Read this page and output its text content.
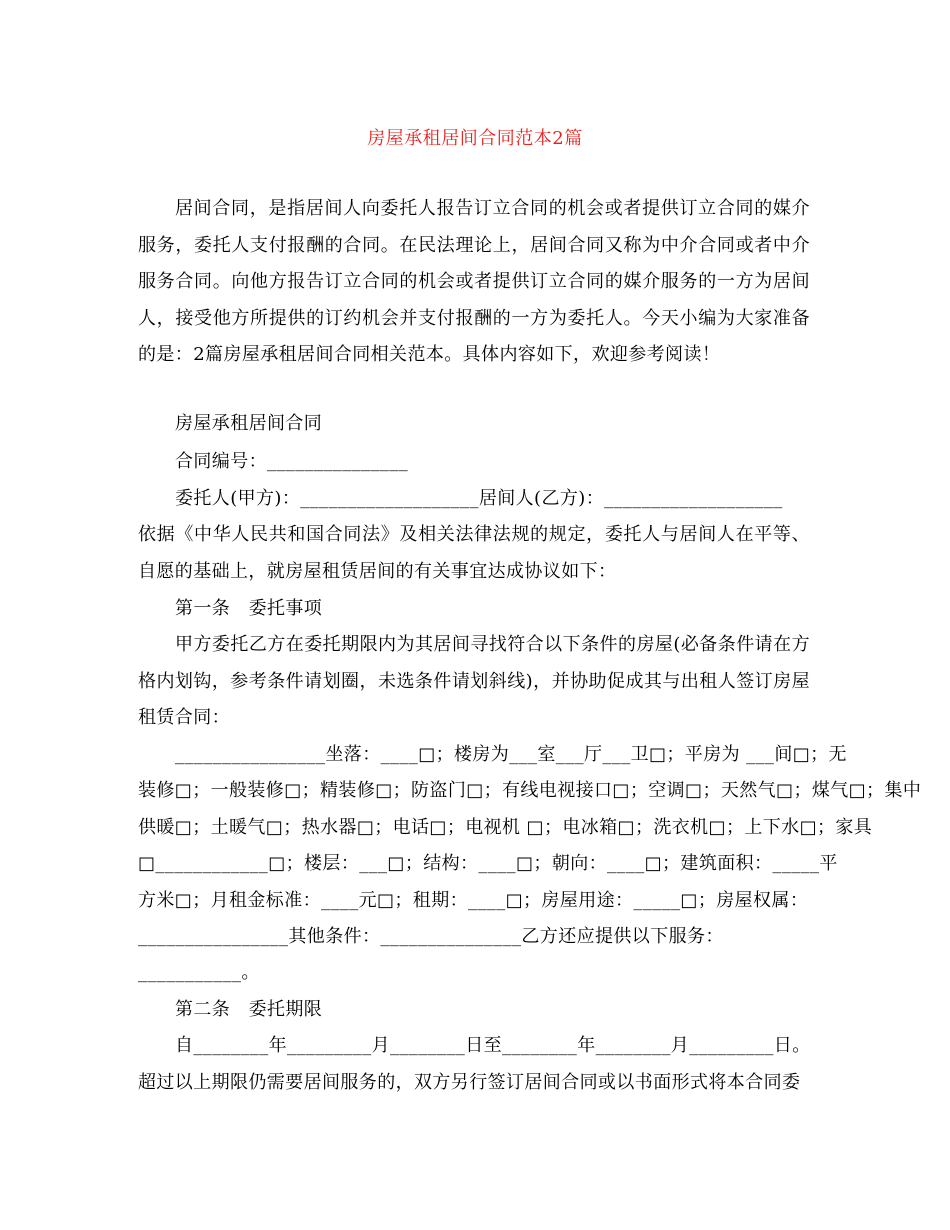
房屋承租居间合同范本2篇

居间合同，是指居间人向委托人报告订立合同的机会或者提供订立合同的媒介服务，委托人支付报酬的合同。在民法理论上，居间合同又称为中介合同或者中介服务合同。向他方报告订立合同的机会或者提供订立合同的媒介服务的一方为居间人，接受他方所提供的订约机会并支付报酬的一方为委托人。今天小编为大家准备的是：2篇房屋承租居间合同相关范本。具体内容如下，欢迎参考阅读！

房屋承租居间合同
合同编号：_______________
委托人(甲方)：___________________居间人(乙方)：___________________

依据《中华人民共和国合同法》及相关法律法规的规定，委托人与居间人在平等、自愿的基础上，就房屋租赁居间的有关事宜达成协议如下：

第一条　委托事项

甲方委托乙方在委托期限内为其居间寻找符合以下条件的房屋(必备条件请在方格内划钩，参考条件请划圈，未选条件请划斜线)，并协助促成其与出租人签订房屋租赁合同：

________________坐落：____□；楼房为___室___厅___卫□；平房为 ___间□；无
装修□；一般装修□；精装修□；防盗门□；有线电视接口□；空调□；天然气□；煤气□；集中
供暖□；土暖气□；热水器□；电话□；电视机 □；电冰箱□；洗衣机□；上下水□；家具
□____________□；楼层：___□；结构：____□；朝向：____□；建筑面积：_____平
方米□；月租金标准：____元□；租期：____□；房屋用途：_____□；房屋权属：
________________其他条件：_______________乙方还应提供以下服务：
___________。
第二条　委托期限
自________年_________月________日至________年________月_________日。
超过以上期限仍需要居间服务的，双方另行签订居间合同或以书面形式将本合同委
